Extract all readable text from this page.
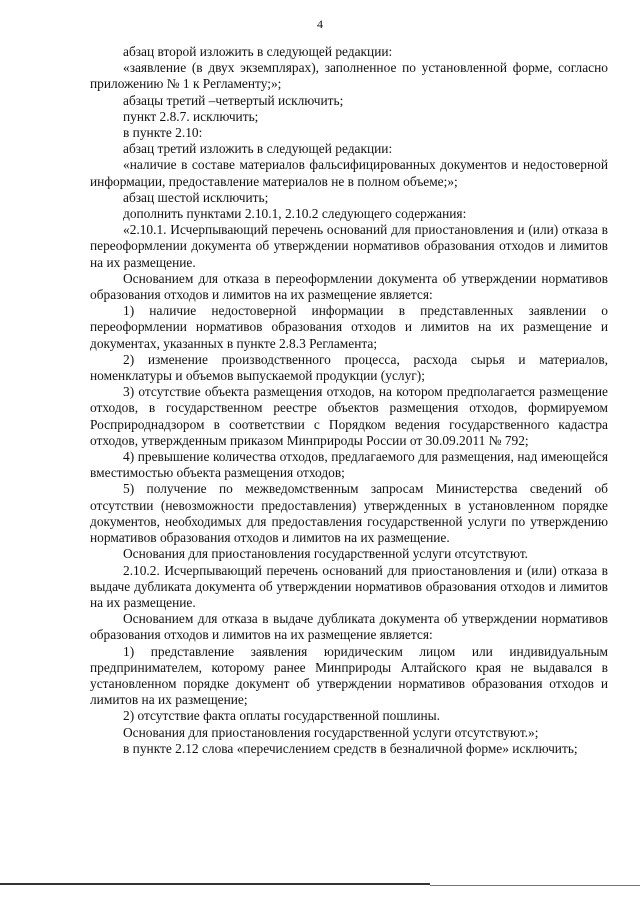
4

абзац второй изложить в следующей редакции:

«заявление (в двух экземплярах), заполненное по установленной форме, согласно приложению № 1 к Регламенту;»;

абзацы третий –четвертый исключить;

пункт 2.8.7. исключить;

в пункте 2.10:

абзац третий изложить в следующей редакции:

«наличие в составе материалов фальсифицированных документов и недостоверной информации, предоставление материалов не в полном объеме;»;

абзац шестой исключить;

дополнить пунктами 2.10.1, 2.10.2 следующего содержания:

«2.10.1. Исчерпывающий перечень оснований для приостановления и (или) отказа в переоформлении документа об утверждении нормативов образования отходов и лимитов на их размещение.

Основанием для отказа в переоформлении документа об утверждении нормативов образования отходов и лимитов на их размещение является:

1) наличие недостоверной информации в представленных заявлении о переоформлении нормативов образования отходов и лимитов на их размещение и документах, указанных в пункте 2.8.3 Регламента;

2) изменение производственного процесса, расхода сырья и материалов, номенклатуры и объемов выпускаемой продукции (услуг);

3) отсутствие объекта размещения отходов, на котором предполагается размещение отходов, в государственном реестре объектов размещения отходов, формируемом Росприроднадзором в соответствии с Порядком ведения государственного кадастра отходов, утвержденным приказом Минприроды России от 30.09.2011 № 792;

4) превышение количества отходов, предлагаемого для размещения, над имеющейся вместимостью объекта размещения отходов;

5) получение по межведомственным запросам Министерства сведений об отсутствии (невозможности предоставления) утвержденных в установленном порядке документов, необходимых для предоставления государственной услуги по утверждению нормативов образования отходов и лимитов на их размещение.

Основания для приостановления государственной услуги отсутствуют.

2.10.2. Исчерпывающий перечень оснований для приостановления и (или) отказа в выдаче дубликата документа об утверждении нормативов образования отходов и лимитов на их размещение.

Основанием для отказа в выдаче дубликата документа об утверждении нормативов образования отходов и лимитов на их размещение является:

1) представление заявления юридическим лицом или индивидуальным предпринимателем, которому ранее Минприроды Алтайского края не выдавался в установленном порядке документ об утверждении нормативов образования отходов и лимитов на их размещение;

2) отсутствие факта оплаты государственной пошлины.

Основания для приостановления государственной услуги отсутствуют.»;

в пункте 2.12 слова «перечислением средств в безналичной форме» исключить;
